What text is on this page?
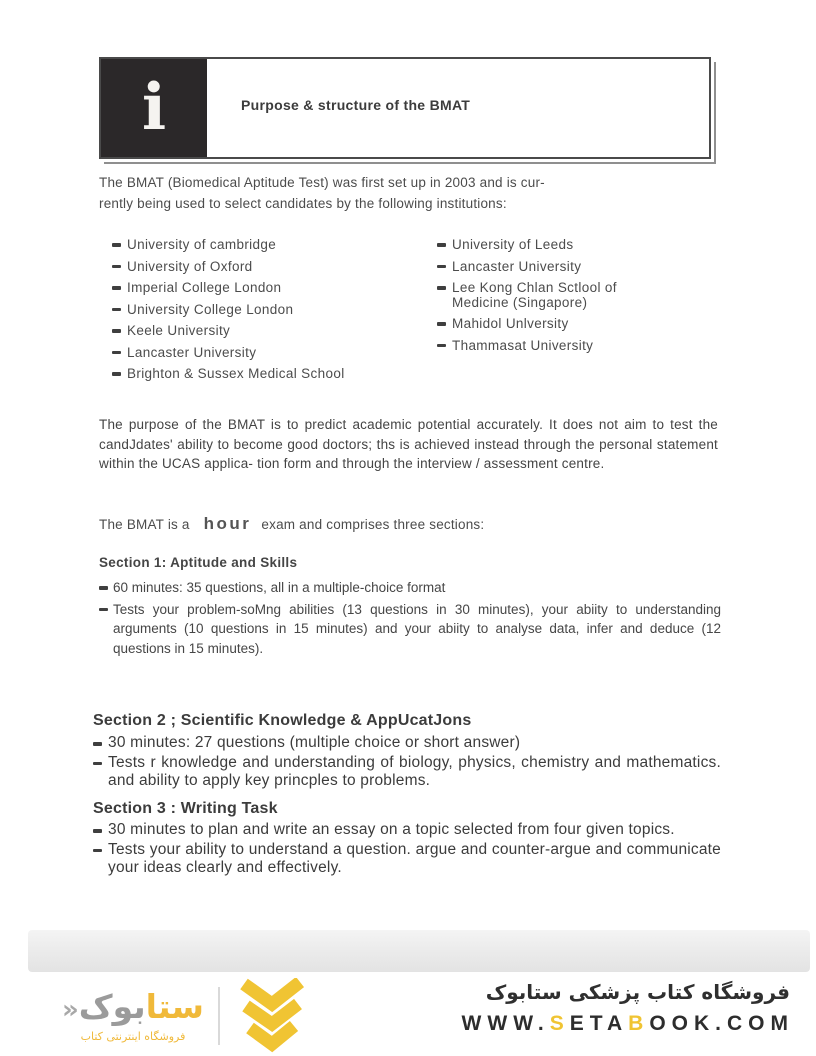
i	Purpose & structure of the BMAT
The BMAT (Biomedical Aptitude Test) was first set up in 2003 and is cur-
rently being used to select candidates by the following institutions:
University of cambridge
University of Oxford
Imperial College London
University College London
Keele University
Lancaster University
Brighton & Sussex Medical School
University of Leeds
Lancaster University
Lee Kong Chlan Sctlool of Medicine (Singapore)
Mahidol Unlversity
Thammasat University
The purpose of the BMAT is to predict academic potential accurately. It does not aim to test the candJdates' ability to become good doctors; ths is achieved instead through the personal statement within the UCAS applica- tion form and through the interview / assessment centre.
The BMAT is a hour exam and comprises three sections:
Section 1: Aptitude and Skills
60 minutes: 35 questions, all in a multiple-choice format
Tests your problem-soMng abilities (13 questions in 30 minutes), your abiity to understanding arguments (10 questions in 15 minutes) and your abiity to analyse data, infer and deduce (12 questions in 15 minutes).
Section 2 ; Scientific Knowledge & AppUcatJons
30 minutes: 27 questions (multiple choice or short answer)
Tests r knowledge and understanding of biology, physics, chemistry and mathematics. and ability to apply key princples to problems.
Section 3 : Writing Task
30 minutes to plan and write an essay on a topic selected from four given topics.
Tests your ability to understand a question. argue and counter-argue and communicate your ideas clearly and effectively.
ستابوک«
فروشگاه اینترنتی کتاب
فروشگاه کتاب پزشکی ستابوک
WWW.SETABOOK.COM
